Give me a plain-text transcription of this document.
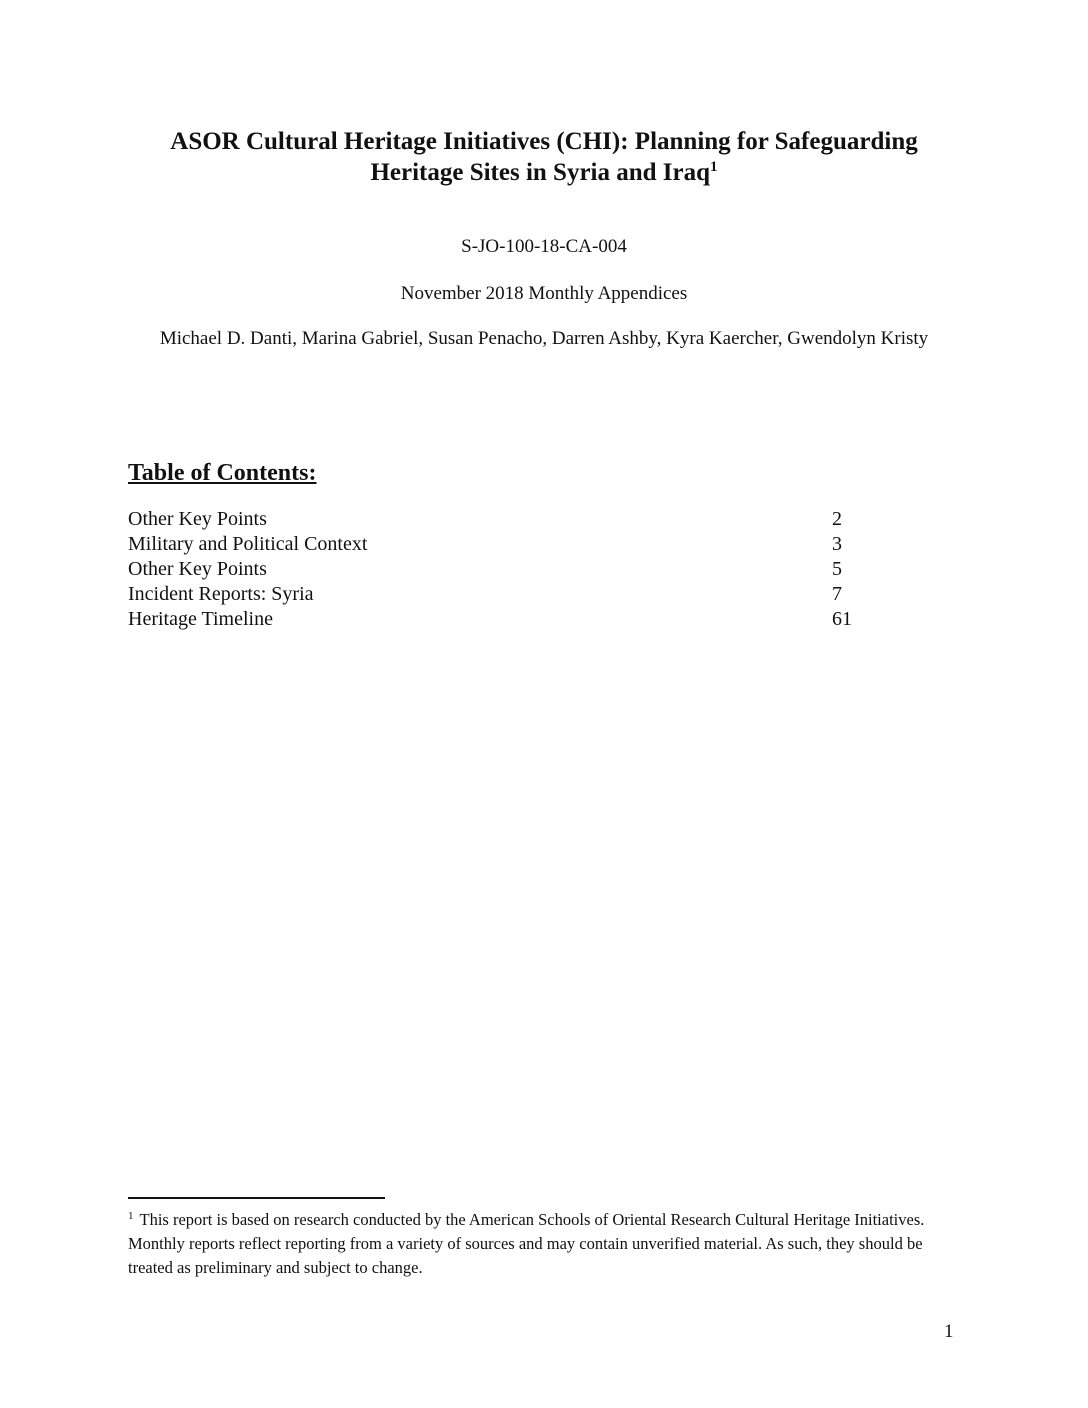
ASOR Cultural Heritage Initiatives (CHI): Planning for Safeguarding
Heritage Sites in Syria and Iraq$^1$

S-JO-100-18-CA-004

November 2018 Monthly Appendices

Michael D. Danti, Marina Gabriel, Susan Penacho, Darren Ashby, Kyra Kaercher, Gwendolyn Kristy

Table of Contents:
Other Key Points	2
Military and Political Context	3
Other Key Points	5
Incident Reports: Syria	7
Heritage Timeline	61

$^1$ This report is based on research conducted by the American Schools of Oriental Research Cultural Heritage Initiatives. Monthly reports reflect reporting from a variety of sources and may contain unverified material. As such, they should be treated as preliminary and subject to change.

1
